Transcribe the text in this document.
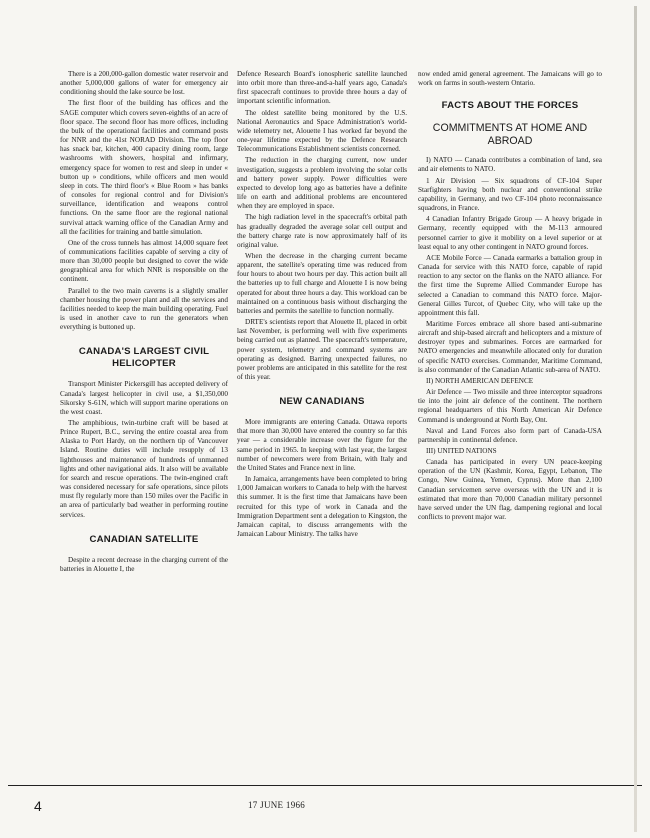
There is a 200,000-gallon domestic water reservoir and another 5,000,000 gallons of water for emergency air conditioning should the lake source be lost.

The first floor of the building has offices and the SAGE computer which covers seven-eighths of an acre of floor space. The second floor has more offices, including the bulk of the operational facilities and command posts for NNR and the 41st NORAD Division. The top floor has snack bar, kitchen, 400 capacity dining room, large washrooms with showers, hospital and infirmary, emergency space for women to rest and sleep in under « button up » conditions, while officers and men would sleep in cots. The third floor's « Blue Room » has banks of consoles for regional control and for Division's surveillance, identification and weapons control functions. On the same floor are the regional national survival attack warning office of the Canadian Army and all the facilities for training and battle simulation.

One of the cross tunnels has almost 14,000 square feet of communications facilities capable of serving a city of more than 30,000 people but designed to cover the wide geographical area for which NNR is responsible on the continent.

Parallel to the two main caverns is a slightly smaller chamber housing the power plant and all the services and facilities needed to keep the main building operating. Fuel is used in another cave to run the generators when everything is buttoned up.

CANADA'S LARGEST CIVIL HELICOPTER

Transport Minister Pickersgill has accepted delivery of Canada's largest helicopter in civil use, a $1,350,000 Sikorsky S-61N, which will support marine operations on the west coast.

The amphibious, twin-turbine craft will be based at Prince Rupert, B.C., serving the entire coastal area from Alaska to Port Hardy, on the northern tip of Vancouver Island. Routine duties will include resupply of 13 lighthouses and maintenance of hundreds of unmanned lights and other navigational aids. It also will be available for search and rescue operations. The twin-engined craft was considered necessary for safe operations, since pilots must fly regularly more than 150 miles over the Pacific in an area of particularly bad weather in performing routine services.

CANADIAN SATELLITE

Despite a recent decrease in the charging current of the batteries in Alouette I, the

Defence Research Board's ionospheric satellite launched into orbit more than three-and-a-half years ago, Canada's first spacecraft continues to provide three hours a day of important scientific information.

The oldest satellite being monitored by the U.S. National Aeronautics and Space Administration's world-wide telemetry net, Alouette I has worked far beyond the one-year lifetime expected by the Defence Research Telecommunications Establishment scientists concerned.

The reduction in the charging current, now under investigation, suggests a problem involving the solar cells and battery power supply. Power difficulties were expected to develop long ago as batteries have a definite life on earth and additional problems are encountered when they are employed in space.

The high radiation level in the spacecraft's orbital path has gradually degraded the average solar cell output and the battery charge rate is now approximately half of its original value.

When the decrease in the charging current became apparent, the satellite's operating time was reduced from four hours to about two hours per day. This action built all the batteries up to full charge and Alouette I is now being operated for about three hours a day. This workload can be maintained on a continuous basis without discharging the batteries and permits the satellite to function normally.

DRTE's scientists report that Alouette II, placed in orbit last November, is performing well with five experiments being carried out as planned. The spacecraft's temperature, power system, telemetry and command systems are operating as designed. Barring unexpected failures, no power problems are anticipated in this satellite for the rest of this year.

NEW CANADIANS

More immigrants are entering Canada. Ottawa reports that more than 30,000 have entered the country so far this year — a considerable increase over the figure for the same period in 1965. In keeping with last year, the largest number of newcomers were from Britain, with Italy and the United States and France next in line.

In Jamaica, arrangements have been completed to bring 1,000 Jamaican workers to Canada to help with the harvest this summer. It is the first time that Jamaicans have been recruited for this type of work in Canada and the Immigration Department sent a delegation to Kingston, the Jamaican capital, to discuss arrangements with the Jamaican Labour Ministry. The talks have

now ended amid general agreement. The Jamaicans will go to work on farms in south-western Ontario.

FACTS ABOUT THE FORCES
COMMITMENTS AT HOME AND ABROAD

I) NATO — Canada contributes a combination of land, sea and air elements to NATO.

1 Air Division — Six squadrons of CF-104 Super Starfighters having both nuclear and conventional strike capability, in Germany, and two CF-104 photo reconnaissance squadrons, in France.

4 Canadian Infantry Brigade Group — A heavy brigade in Germany, recently equipped with the M-113 armoured personnel carrier to give it mobility on a level superior or at least equal to any other contingent in NATO ground forces.

ACE Mobile Force — Canada earmarks a battalion group in Canada for service with this NATO force, capable of rapid reaction to any sector on the flanks on the NATO alliance. For the first time the Supreme Allied Commander Europe has selected a Canadian to command this NATO force. Major-General Gilles Turcot, of Quebec City, who will take up the appointment this fall.

Maritime Forces embrace all shore based anti-submarine aircraft and ship-based aircraft and helicopters and a mixture of destroyer types and submarines. Forces are earmarked for NATO emergencies and meanwhile allocated only for duration of specific NATO exercises. Commander, Maritime Command, is also commander of the Canadian Atlantic sub-area of NATO.

II) NORTH AMERICAN DEFENCE

Air Defence — Two missile and three interceptor squadrons tie into the joint air defence of the continent. The northern regional headquarters of this North American Air Defence Command is underground at North Bay, Ont.

Naval and Land Forces also form part of Canada-USA partnership in continental defence.

III) UNITED NATIONS

Canada has participated in every UN peace-keeping operation of the UN (Kashmir, Korea, Egypt, Lebanon, The Congo, New Guinea, Yemen, Cyprus). More than 2,100 Canadian servicemen serve overseas with the UN and it is estimated that more than 70,000 Canadian military personnel have served under the UN flag, dampening regional and local conflicts to prevent major war.

4	17 JUNE 1966
